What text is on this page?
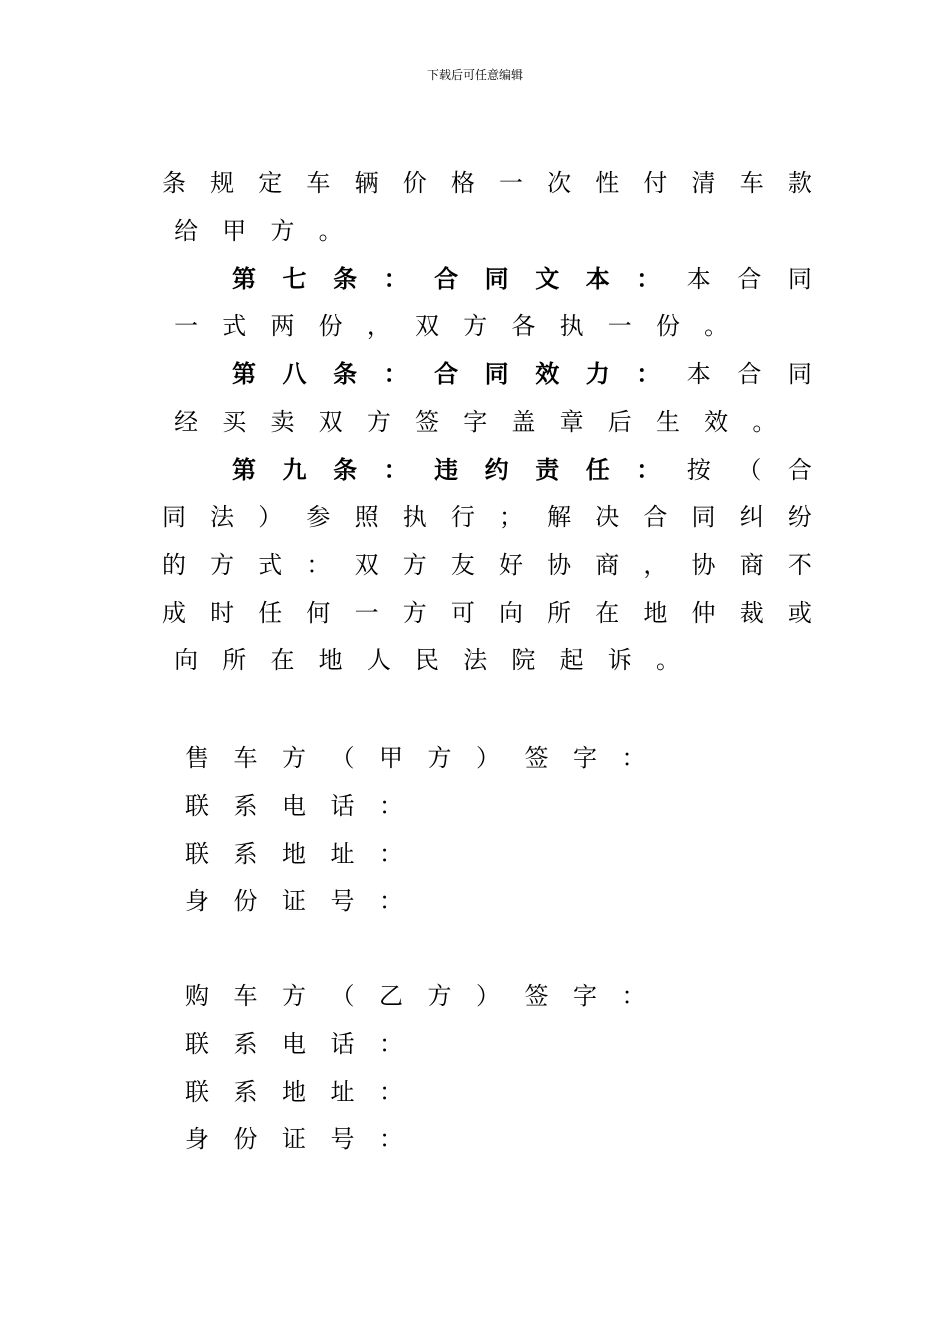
下载后可任意编辑
条 规 定 车 辆 价 格 一 次 性 付 清 车 款
给	甲	方	。
第 七 条 ： 合 同 文 本 ： 本 合 同
一	式	两	份	，	双	方	各	执	一	份	。
第 八 条 ： 合 同 效 力 ： 本 合 同
经	买	卖	双	方	签	字	盖	章	后	生	效	。
第 九 条 ： 违 约 责 任 ： 按 （ 合
同 法 ） 参 照 执 行 ； 解 决 合 同 纠 纷
的 方 式 ： 双 方 友 好 协 商 ， 协 商 不
成 时 任 何 一 方 可 向 所 在 地 仲 裁 或
向	所	在	地	人	民	法	院	起	诉	。
售	车	方	（	甲	方	）	签	字	：
联	系	电	话	：
联	系	地	址	：
身	份	证	号	：
购	车	方	（	乙	方	）	签	字	：
联	系	电	话	：
联	系	地	址	：
身	份	证	号	：
